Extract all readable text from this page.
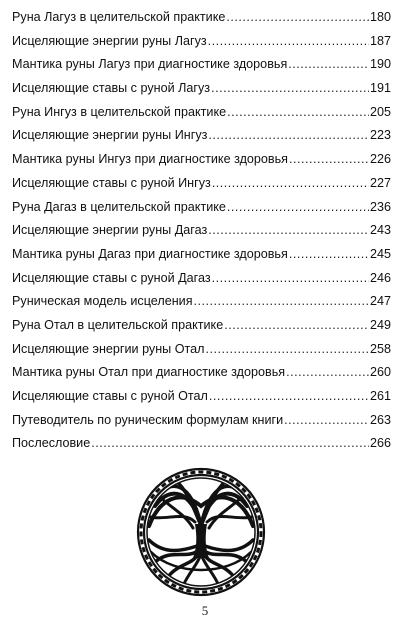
Руна Лагуз в целительской практике .....	180
Исцеляющие энергии руны Лагуз .....	187
Мантика руны Лагуз при диагностике здоровья .....	190
Исцеляющие ставы с руной Лагуз .....	191
Руна Ингуз в целительской практике .....	205
Исцеляющие энергии руны Ингуз .....	223
Мантика руны Ингуз при диагностике здоровья .....	226
Исцеляющие ставы с руной Ингуз .....	227
Руна Дагаз в целительской практике .....	236
Исцеляющие энергии руны Дагаз .....	243
Мантика руны Дагаз при диагностике здоровья .....	245
Исцеляющие ставы с руной Дагаз .....	246
Руническая модель исцеления .....	247
Руна Отал в целительской практике .....	249
Исцеляющие энергии руны Отал .....	258
Мантика руны Отал при диагностике здоровья .....	260
Исцеляющие ставы с руной Отал .....	261
Путеводитель по руническим формулам книги .....	263
Послесловие .....	266
5
